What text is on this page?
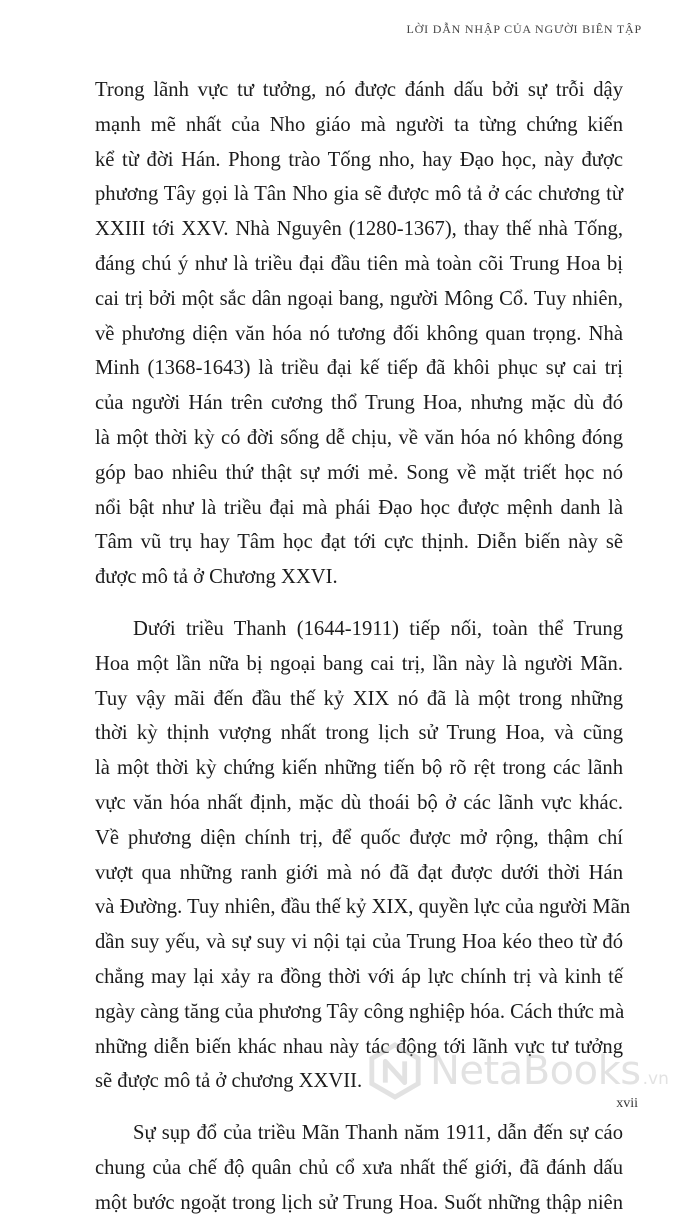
LỜI DẪN NHẬP CỦA NGƯỜI BIÊN TẬP
Trong lãnh vực tư tưởng, nó được đánh dấu bởi sự trỗi dậy
mạnh mẽ nhất của Nho giáo mà người ta từng chứng kiến
kể từ đời Hán. Phong trào Tống nho, hay Đạo học, này được
phương Tây gọi là Tân Nho gia sẽ được mô tả ở các chương từ
XXIII tới XXV. Nhà Nguyên (1280-1367), thay thế nhà Tống,
đáng chú ý như là triều đại đầu tiên mà toàn cõi Trung Hoa bị
cai trị bởi một sắc dân ngoại bang, người Mông Cổ. Tuy nhiên,
về phương diện văn hóa nó tương đối không quan trọng. Nhà
Minh (1368-1643) là triều đại kế tiếp đã khôi phục sự cai trị
của người Hán trên cương thổ Trung Hoa, nhưng mặc dù đó
là một thời kỳ có đời sống dễ chịu, về văn hóa nó không đóng
góp bao nhiêu thứ thật sự mới mẻ. Song về mặt triết học nó
nổi bật như là triều đại mà phái Đạo học được mệnh danh là
Tâm vũ trụ hay Tâm học đạt tới cực thịnh. Diễn biến này sẽ
được mô tả ở Chương XXVI.
Dưới triều Thanh (1644-1911) tiếp nối, toàn thể Trung
Hoa một lần nữa bị ngoại bang cai trị, lần này là người Mãn.
Tuy vậy mãi đến đầu thế kỷ XIX nó đã là một trong những
thời kỳ thịnh vượng nhất trong lịch sử Trung Hoa, và cũng
là một thời kỳ chứng kiến những tiến bộ rõ rệt trong các lãnh
vực văn hóa nhất định, mặc dù thoái bộ ở các lãnh vực khác.
Về phương diện chính trị, để quốc được mở rộng, thậm chí
vượt qua những ranh giới mà nó đã đạt được dưới thời Hán
và Đường. Tuy nhiên, đầu thế kỷ XIX, quyền lực của người Mãn
dần suy yếu, và sự suy vi nội tại của Trung Hoa kéo theo từ đó
chẳng may lại xảy ra đồng thời với áp lực chính trị và kinh tế
ngày càng tăng của phương Tây công nghiệp hóa. Cách thức mà
những diễn biến khác nhau này tác động tới lãnh vực tư tưởng
sẽ được mô tả ở chương XXVII.
Sự sụp đổ của triều Mãn Thanh năm 1911, dẫn đến sự cáo
chung của chế độ quân chủ cổ xưa nhất thế giới, đã đánh dấu
một bước ngoặt trong lịch sử Trung Hoa. Suốt những thập niên
NetaBooks .vn
xvii
